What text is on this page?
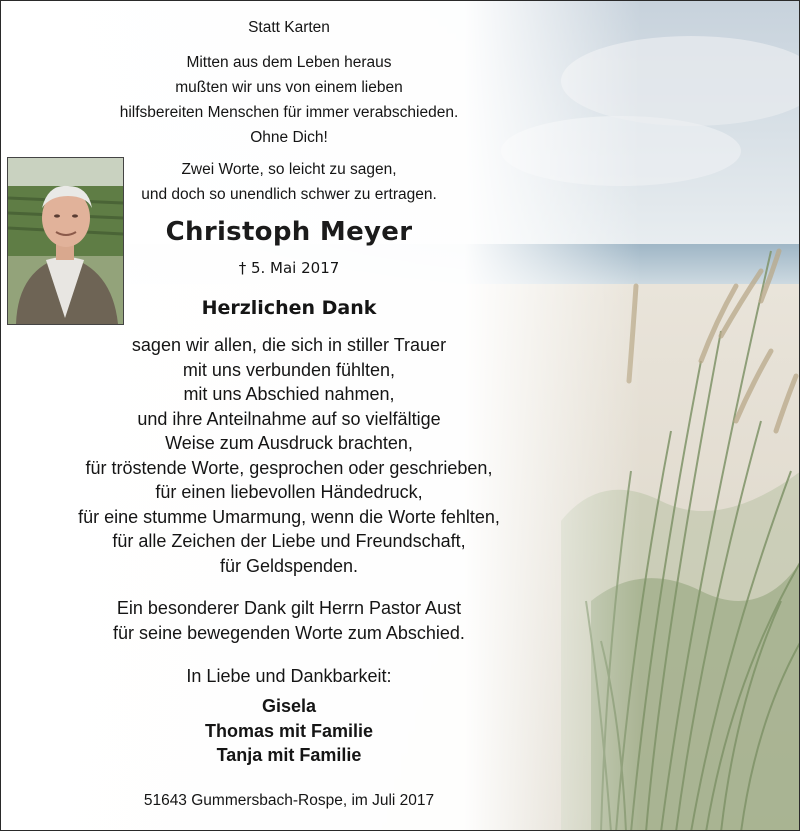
Statt Karten
Mitten aus dem Leben heraus
mußten wir uns von einem lieben
hilfsbereiten Menschen für immer verabschieden.
Ohne Dich!
Zwei Worte, so leicht zu sagen,
und doch so unendlich schwer zu ertragen.
Christoph Meyer
† 5. Mai 2017
Herzlichen Dank
sagen wir allen, die sich in stiller Trauer
mit uns verbunden fühlten,
mit uns Abschied nahmen,
und ihre Anteilnahme auf so vielfältige
Weise zum Ausdruck brachten,
für tröstende Worte, gesprochen oder geschrieben,
für einen liebevollen Händedruck,
für eine stumme Umarmung, wenn die Worte fehlten,
für alle Zeichen der Liebe und Freundschaft,
für Geldspenden.
Ein besonderer Dank gilt Herrn Pastor Aust
für seine bewegenden Worte zum Abschied.
In Liebe und Dankbarkeit:
Gisela
Thomas mit Familie
Tanja mit Familie
51643 Gummersbach-Rospe, im Juli 2017
